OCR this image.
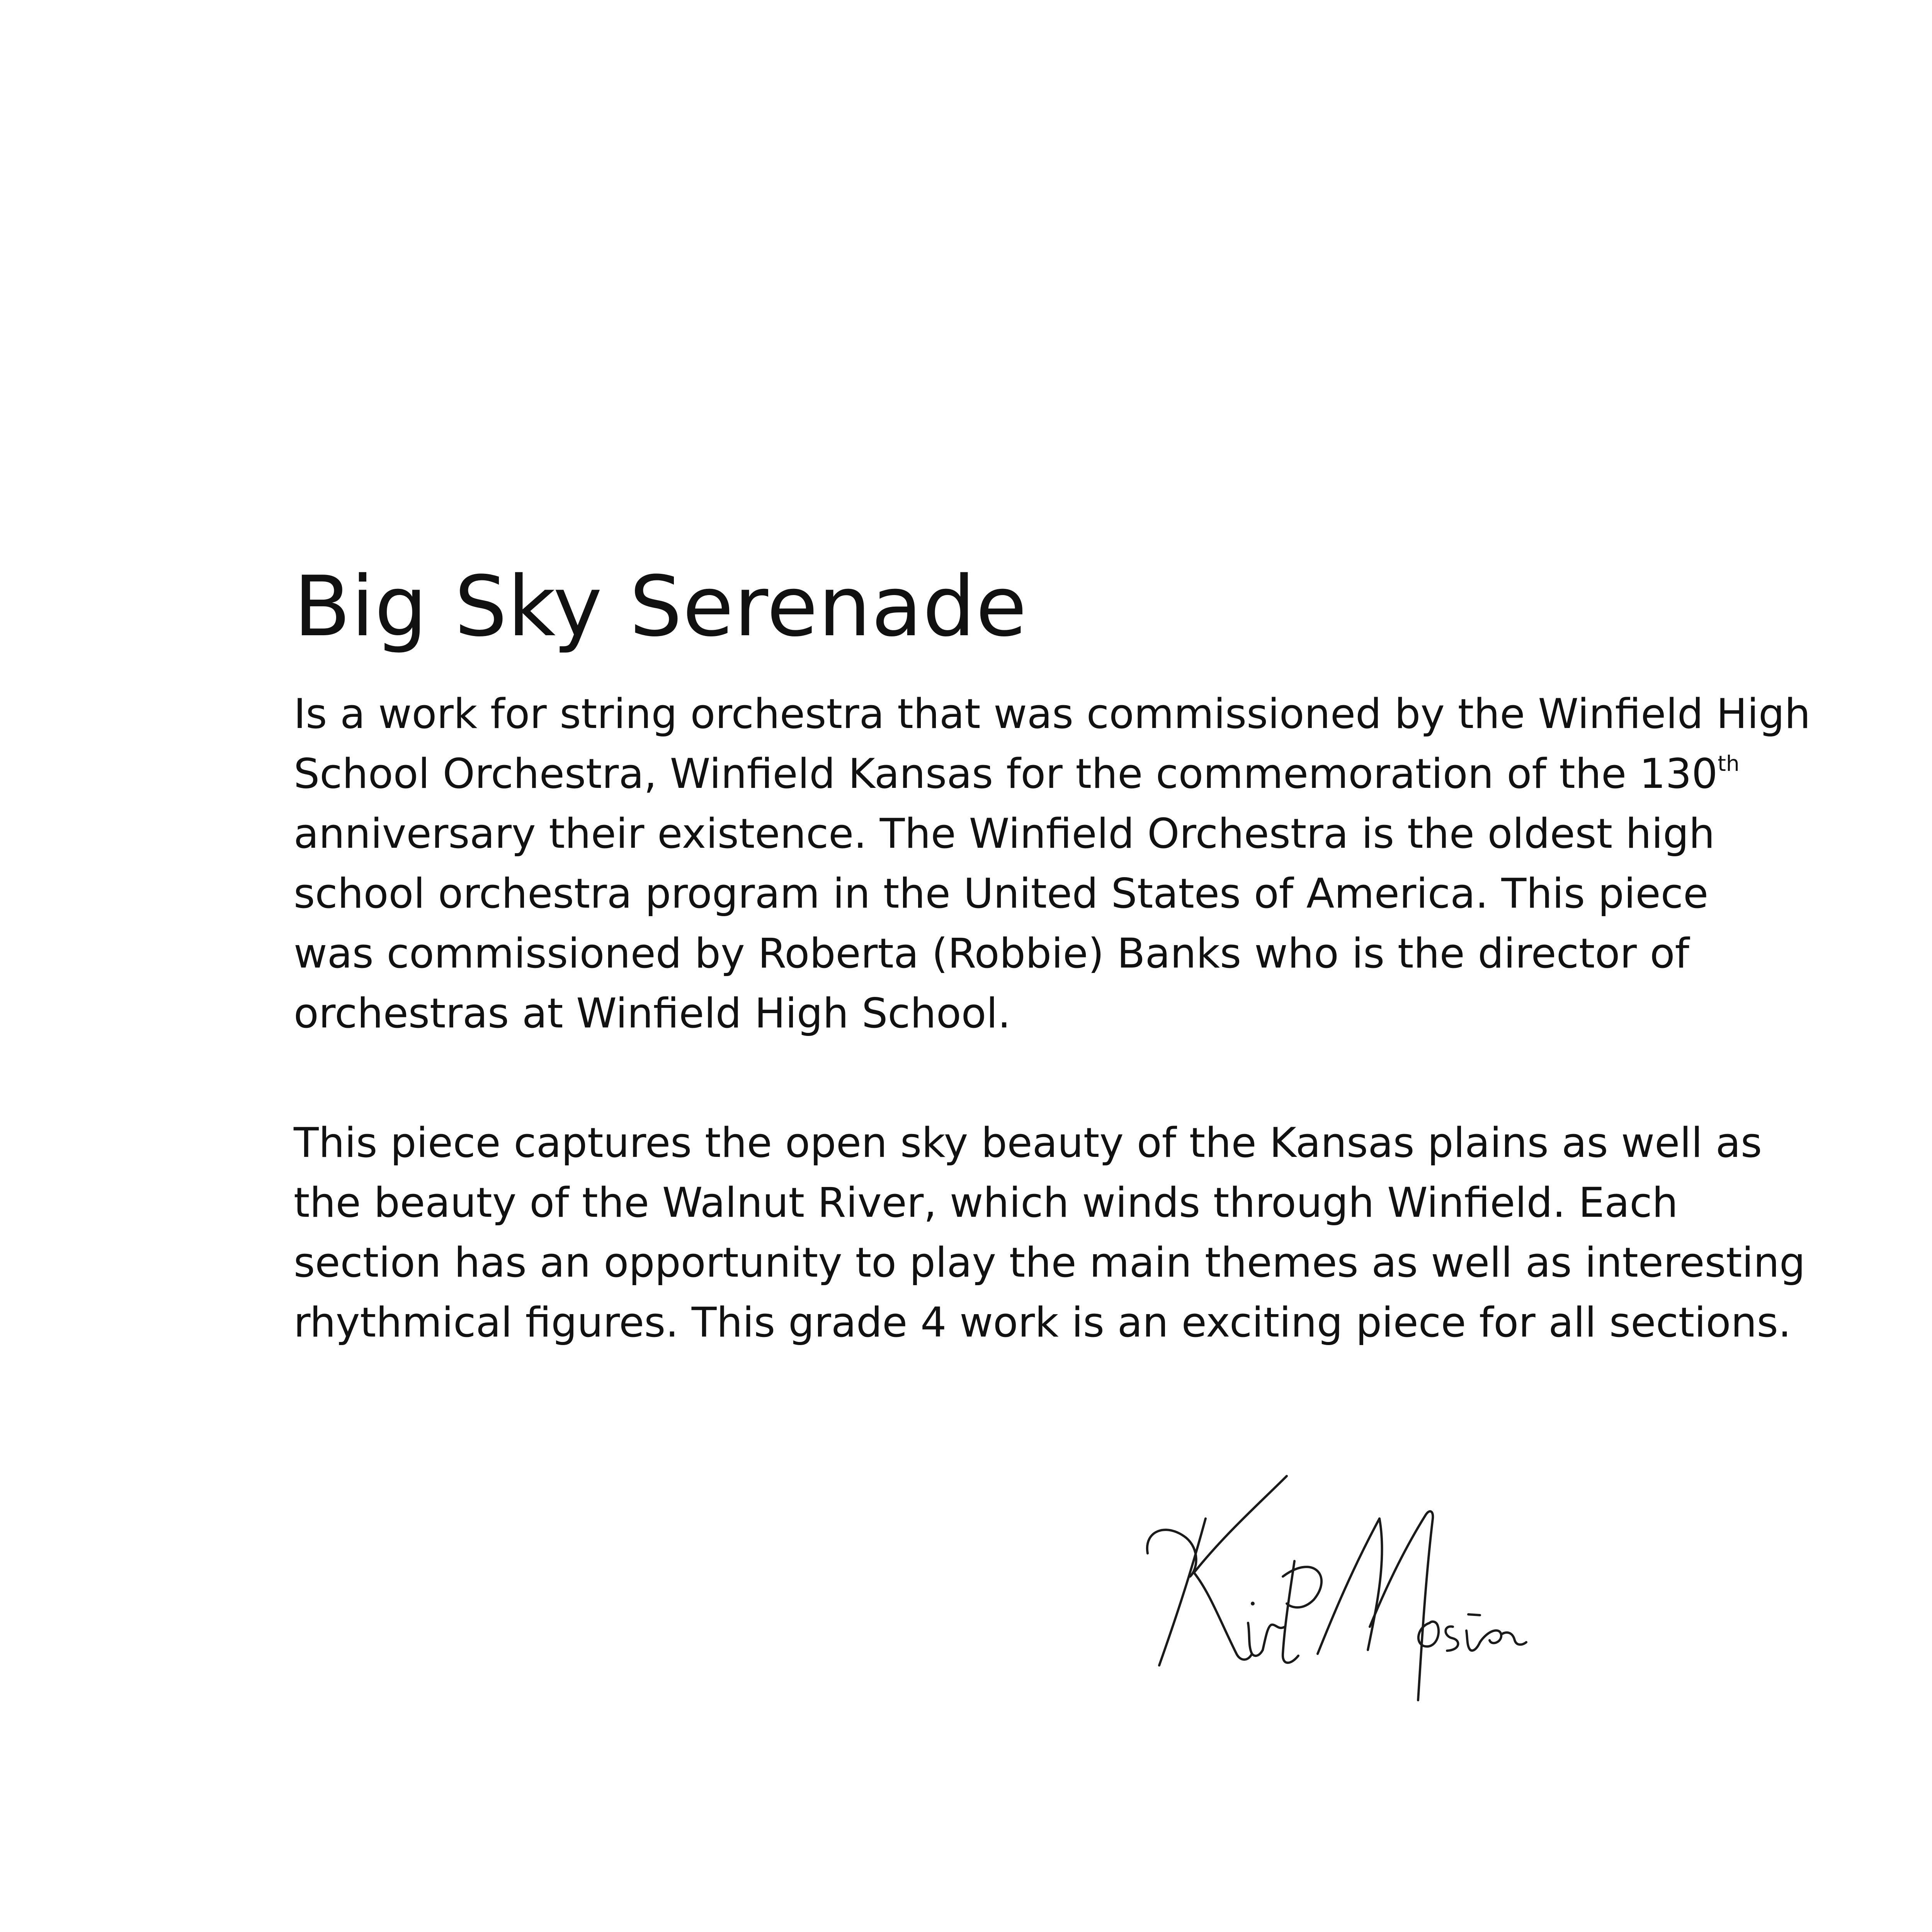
Big Sky Serenade

Is a work for string orchestra that was commissioned by the Winfield High
School Orchestra, Winfield Kansas for the commemoration of the 130th
anniversary their existence. The Winfield Orchestra is the oldest high
school orchestra program in the United States of America. This piece
was commissioned by Roberta (Robbie) Banks who is the director of
orchestras at Winfield High School.

This piece captures the open sky beauty of the Kansas plains as well as
the beauty of the Walnut River, which winds through Winfield. Each
section has an opportunity to play the main themes as well as interesting
rhythmical figures. This grade 4 work is an exciting piece for all sections.
